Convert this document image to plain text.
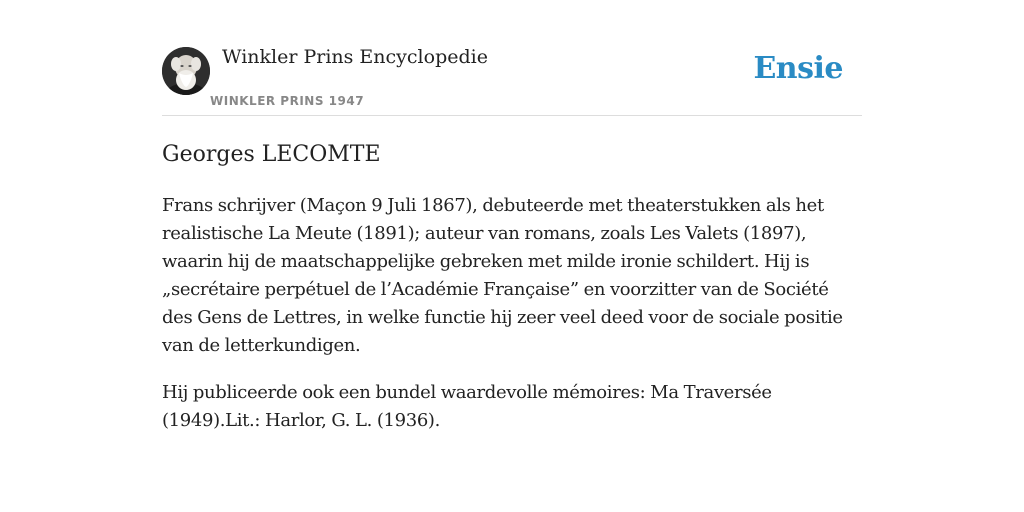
Winkler Prins Encyclopedie
WINKLER PRINS 1947
Ensie
Georges LECOMTE

Frans schrijver (Maçon 9 Juli 1867), debuteerde met theaterstukken als het realistische La Meute (1891); auteur van romans, zoals Les Valets (1897), waarin hij de maatschappelijke gebreken met milde ironie schildert. Hij is „secrétaire perpétuel de l’Académie Française” en voorzitter van de Société des Gens de Lettres, in welke functie hij zeer veel deed voor de sociale positie van de letterkundigen.

Hij publiceerde ook een bundel waardevolle mémoires: Ma Traversée (1949).Lit.: Harlor, G. L. (1936).
